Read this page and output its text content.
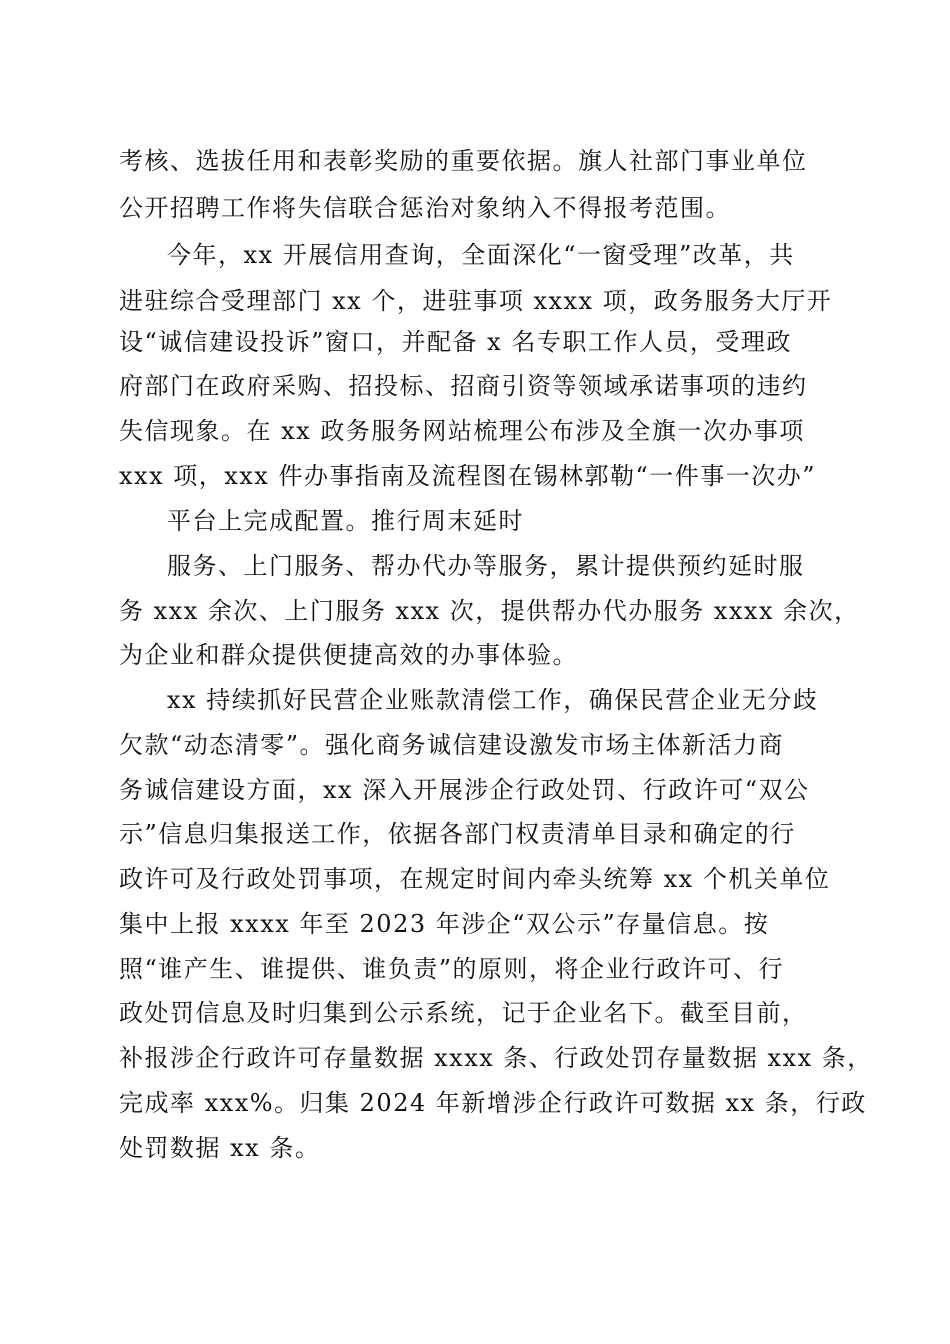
考核、选拔任用和表彰奖励的重要依据。旗人社部门事业单位
公开招聘工作将失信联合惩治对象纳入不得报考范围。
今年，xx 开展信用查询，全面深化“一窗受理”改革，共
进驻综合受理部门 xx 个，进驻事项 xxxx 项，政务服务大厅开
设“诚信建设投诉”窗口，并配备 x 名专职工作人员，受理政
府部门在政府采购、招投标、招商引资等领域承诺事项的违约
失信现象。在 xx 政务服务网站梳理公布涉及全旗一次办事项
xxx 项，xxx 件办事指南及流程图在锡林郭勒“一件事一次办”
平台上完成配置。推行周末延时
服务、上门服务、帮办代办等服务，累计提供预约延时服
务 xxx 余次、上门服务 xxx 次，提供帮办代办服务 xxxx 余次，
为企业和群众提供便捷高效的办事体验。
xx 持续抓好民营企业账款清偿工作，确保民营企业无分歧
欠款“动态清零”。强化商务诚信建设激发市场主体新活力商
务诚信建设方面，xx 深入开展涉企行政处罚、行政许可“双公
示”信息归集报送工作，依据各部门权责清单目录和确定的行
政许可及行政处罚事项，在规定时间内牵头统筹 xx 个机关单位
集中上报 xxxx 年至 2023 年涉企“双公示”存量信息。按
照“谁产生、谁提供、谁负责”的原则，将企业行政许可、行
政处罚信息及时归集到公示系统，记于企业名下。截至目前，
补报涉企行政许可存量数据 xxxx 条、行政处罚存量数据 xxx 条，
完成率 xxx%。归集 2024 年新增涉企行政许可数据 xx 条，行政
处罚数据 xx 条。
